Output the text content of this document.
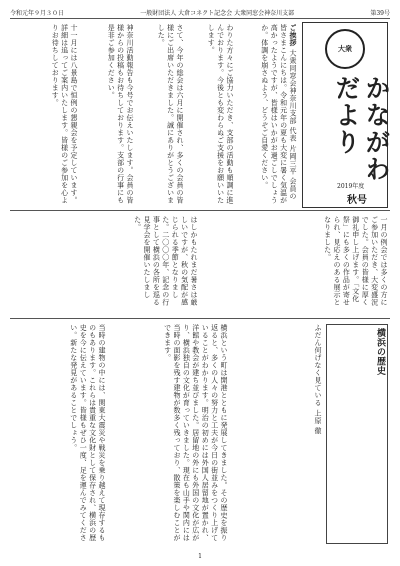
令和元年９月３０日	一般財団法人 大倉コネクト記念会 大衆同窓会神奈川支部	第39号
大衆
かながわだより
2019年度
秋号
ご挨拶 大衆同窓会神奈川支部 代表 片岡三平 会員の皆さまこんにちは。令和元年の夏も大変に暑く気温が高かったようですが、皆様はいかがお過ごしでしょうか。体調を崩さぬよう、どうぞご自愛ください。
わりた方々にご協力いただき、支部の活動も順調に進んでおります。今後とも変わらぬご支援をお願いいたします。
さて、今年の総会は六月に開催され、多くの会員の皆様にご出席いただきました。誠にありがとうございました。
神奈川活動報告も今号でお伝えいたします。会員の皆様からの投稿もお待ちしております。支部の行事にも是非ご参加ください。
十一月には八景島で恒例の懇親会を予定しています。詳細は追ってご案内いたします。皆様のご参加を心よりお待ちしております。
一月の例会では多くの方にご参加いただき、大変盛況でした。会員の皆様に厚く御礼申し上げます。「文化祭」にも多くの作品が寄せられ、見応えのある展示となりました。
はしかもたれまだ暑さは厳しいですが、秋の気配が感じられる季節となりました。二〇〇〇年、記念の行事として横浜の各所を巡る見学会を開催いたしました。
横浜の歴史
ふだん何げなく見ている 上原 徹
横浜という町は開港とともに発展してきました。その歴史を振り返ると、多くの人々の努力と工夫が今日の街並みをつくり上げていることがわかります。明治の初めには外国人居留地が置かれ、洋館や教会が建ち並びました。居留地の外にも外国の文化が広がり、横浜独自の文化が育っていきました。現在も山手や関内には当時の面影を残す建物が数多く残っており、散策を楽しむことができます。
当時の建物の中には、関東大震災や戦災を乗り越えて現存するものもあります。これらは貴重な文化財として保存され、横浜の歴史を今に伝えています。皆様もぜひ一度、足を運んでみてください。新たな発見があることでしょう。
1
